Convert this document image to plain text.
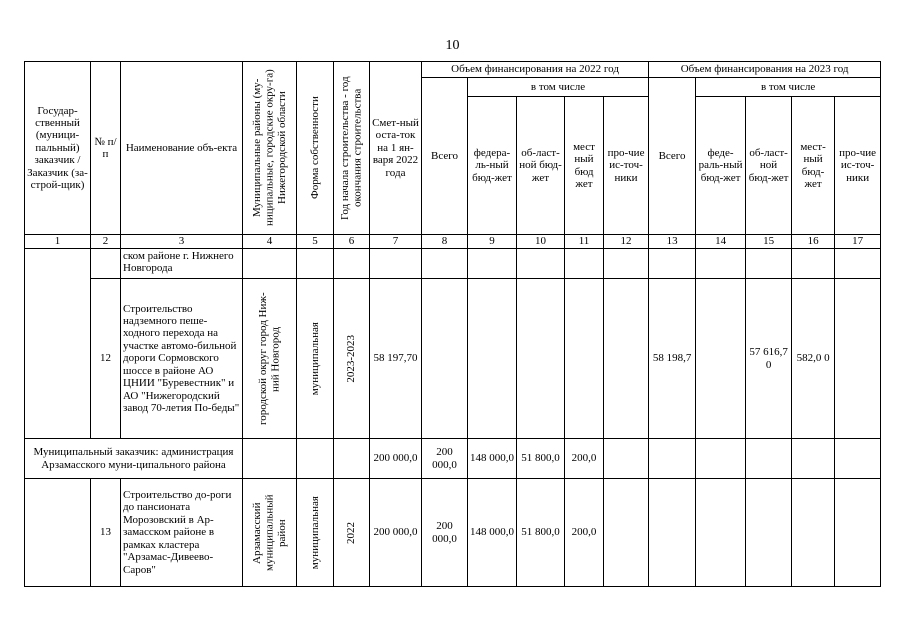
10
Государ-ственный (муници-пальный) заказчик / Заказчик (за-строй-щик)	№ п/п	Наименование объ-екта	Муниципальные районы (му-ниципальные, городские окру-га) Нижегородской области	Форма собственности	Год начала строительства - год окончания строительства	Смет-ный оста-ток на 1 ян-варя 2022 года	Объем финансирования на 2022 год					Объем финансирования на 2023 год				
							Всего	в том числе				Всего	в том числе			
								федера-ль-ный бюд-жет	об-ласт-ной бюд-жет	мест ный бюд жет	про-чие ис-точ-ники		феде-раль-ный бюд-жет	об-ласт-ной бюд-жет	мест-ный бюд-жет	про-чие ис-точ-ники
1	2	3	4	5	6	7	8	9	10	11	12	13	14	15	16	17
		ском районе г. Нижнего Новгорода														
	12	Строительство надземного пеше-ходного перехода на участке автомо-бильной дороги Сормовского шоссе в районе АО ЦНИИ "Буревестник" и АО "Нижегородский завод 70-летия По-беды"	городской округ город Ниж-ний Новгород	муниципальная	2023-2023	58 197,70						58 198,7		57 616,7 0	582,0 0	
Муниципальный заказчик: администрация Арзамасского муни-ципального района						200 000,0	200 000,0	148 000,0	51 800,0	200,0						
	13	Строительство до-роги до пансионата Морозовский в Ар-замасском районе в рамках кластера "Арзамас-Дивеево-Саров"	Арзамасский муниципальный район	муниципальная	2022	200 000,0	200 000,0	148 000,0	51 800,0	200,0						
